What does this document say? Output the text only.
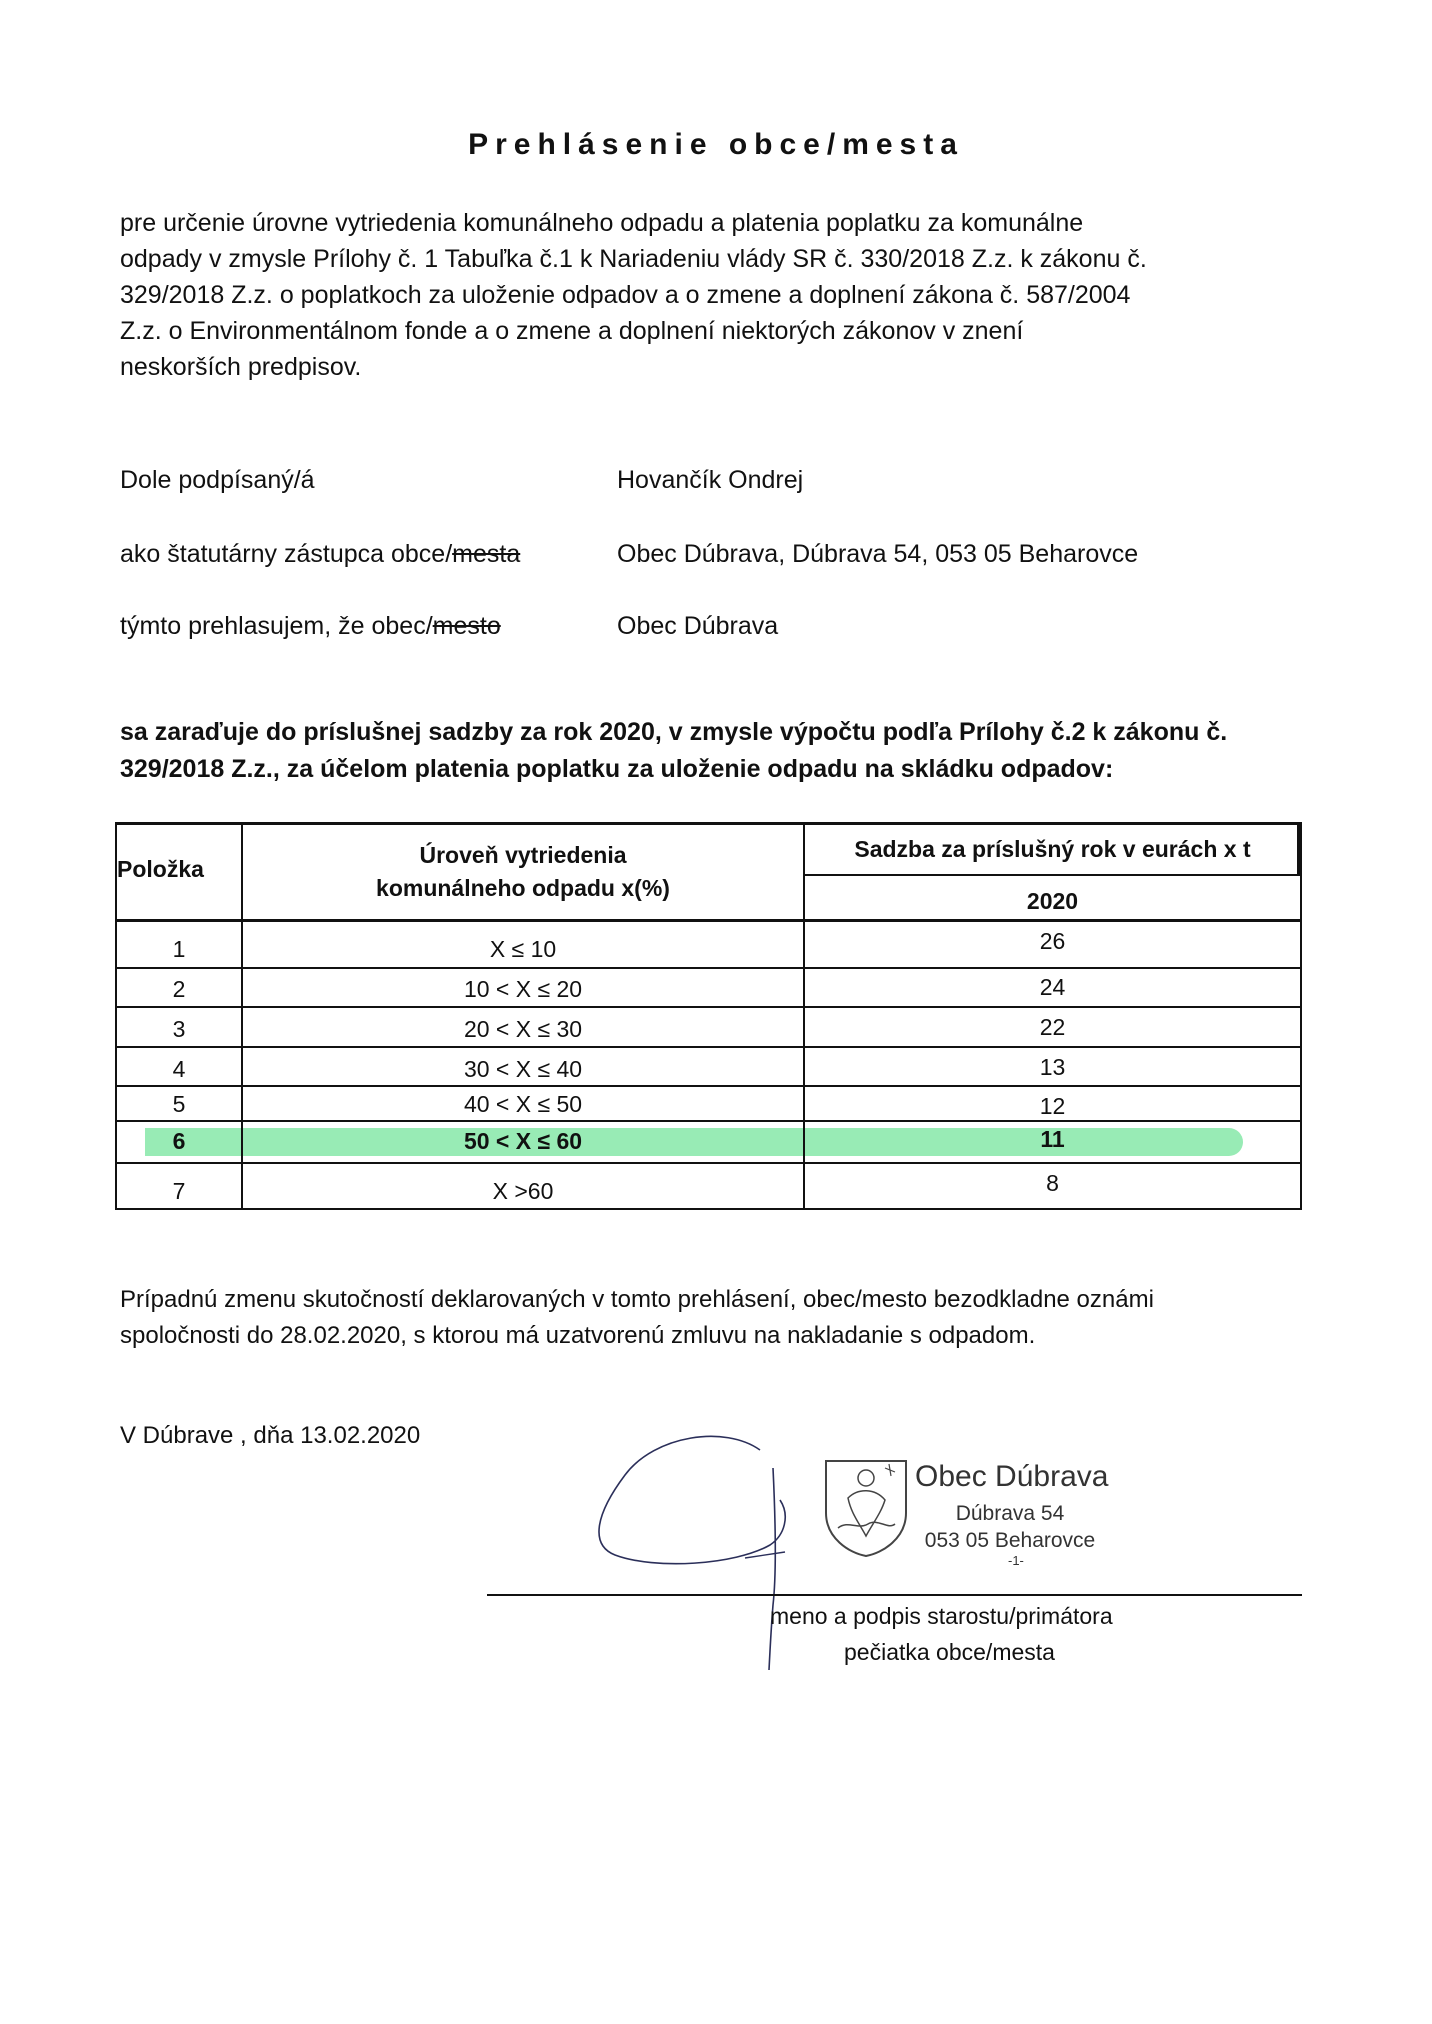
Prehlásenie obce/mesta

pre určenie úrovne vytriedenia komunálneho odpadu a platenia poplatku za komunálne

odpady v zmysle Prílohy č. 1 Tabuľka č.1 k Nariadeniu vlády SR č. 330/2018 Z.z. k zákonu č.

329/2018 Z.z. o poplatkoch za uloženie odpadov a o zmene a doplnení zákona č. 587/2004

Z.z. o Environmentálnom fonde a o zmene a doplnení niektorých zákonov v znení

neskorších predpisov.

Dole podpísaný/á	Hovančík Ondrej
ako štatutárny zástupca obce/mesta	Obec Dúbrava, Dúbrava 54, 053 05 Beharovce
týmto prehlasujem, že obec/mesto	Obec Dúbrava

sa zaraďuje do príslušnej sadzby za rok 2020, v zmysle výpočtu podľa Prílohy č.2 k zákonu č.

329/2018 Z.z., za účelom platenia poplatku za uloženie odpadu na skládku odpadov:

Položka
Úroveň vytriedenia
komunálneho odpadu x(%)
Sadzba za príslušný rok v eurách x t
2020
1	X ≤ 10	26
2	10 < X ≤ 20	24
3	20 < X ≤ 30	22
4	30 < X ≤ 40	13
5	40 < X ≤ 50	12
6	50 < X ≤ 60	11
7	X >60	8

Prípadnú zmenu skutočností deklarovaných v tomto prehlásení, obec/mesto bezodkladne oznámi

spoločnosti do 28.02.2020, s ktorou má uzatvorenú zmluvu na nakladanie s odpadom.

V Dúbrave , dňa 13.02.2020
Obec Dúbrava
Dúbrava 54
053 05 Beharovce
-1-

meno a podpis starostu/primátora

pečiatka obce/mesta
